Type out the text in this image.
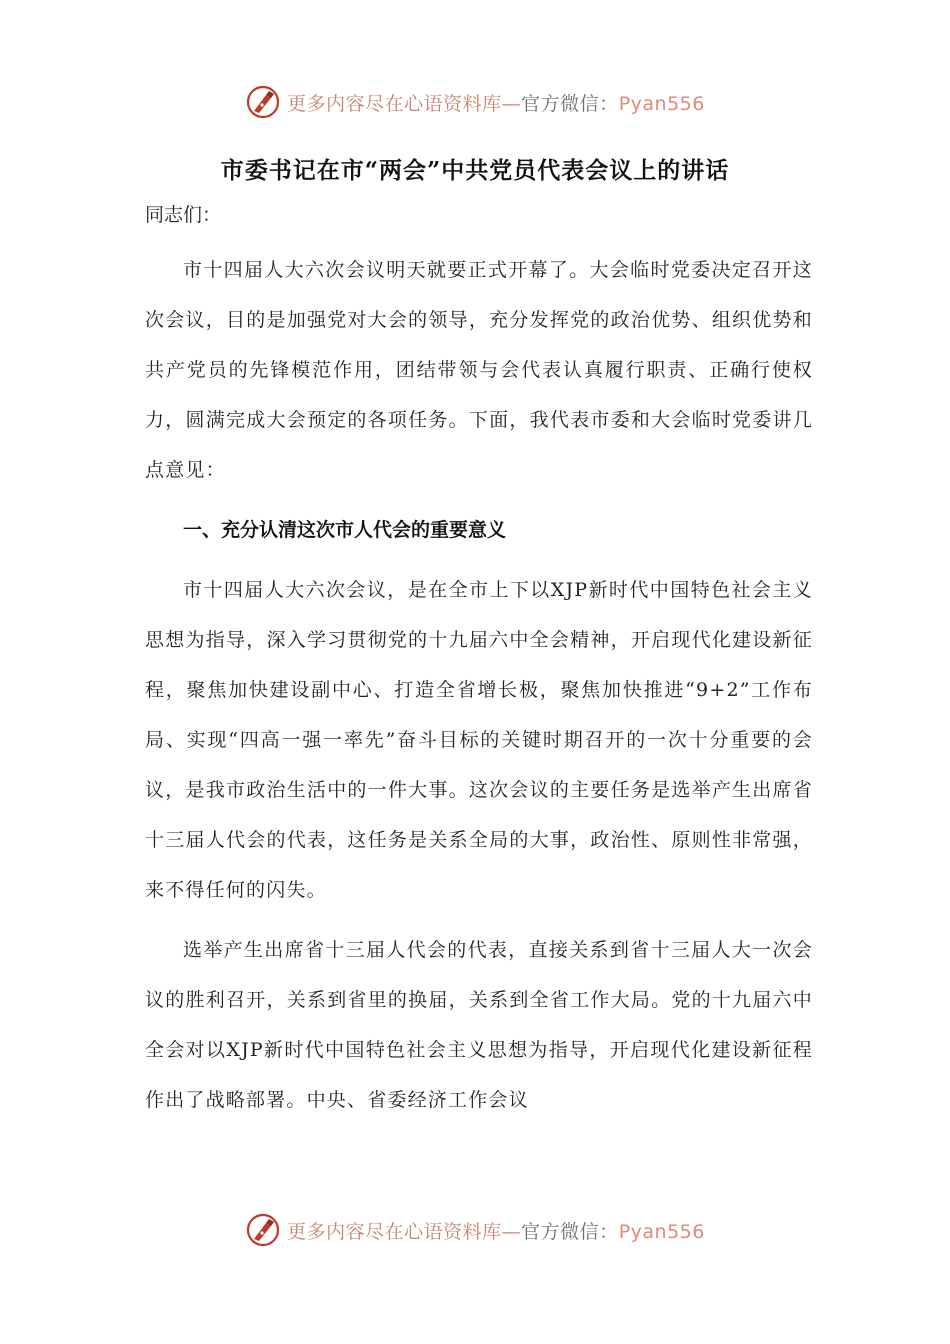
更多内容尽在心语资料库—官方微信：Pyan556
市委书记在市“两会”中共党员代表会议上的讲话

同志们：

市十四届人大六次会议明天就要正式开幕了。大会临时党委决定召开这次会议，目的是加强党对大会的领导，充分发挥党的政治优势、组织优势和共产党员的先锋模范作用，团结带领与会代表认真履行职责、正确行使权力，圆满完成大会预定的各项任务。下面，我代表市委和大会临时党委讲几点意见：

一、充分认清这次市人代会的重要意义

市十四届人大六次会议，是在全市上下以XJP新时代中国特色社会主义思想为指导，深入学习贯彻党的十九届六中全会精神，开启现代化建设新征程，聚焦加快建设副中心、打造全省增长极，聚焦加快推进“9+2”工作布局、实现“四高一强一率先”奋斗目标的关键时期召开的一次十分重要的会议，是我市政治生活中的一件大事。这次会议的主要任务是选举产生出席省十三届人代会的代表，这任务是关系全局的大事，政治性、原则性非常强，来不得任何的闪失。

选举产生出席省十三届人代会的代表，直接关系到省十三届人大一次会议的胜利召开，关系到省里的换届，关系到全省工作大局。党的十九届六中全会对以XJP新时代中国特色社会主义思想为指导，开启现代化建设新征程作出了战略部署。中央、省委经济工作会议

更多内容尽在心语资料库—官方微信：Pyan556
